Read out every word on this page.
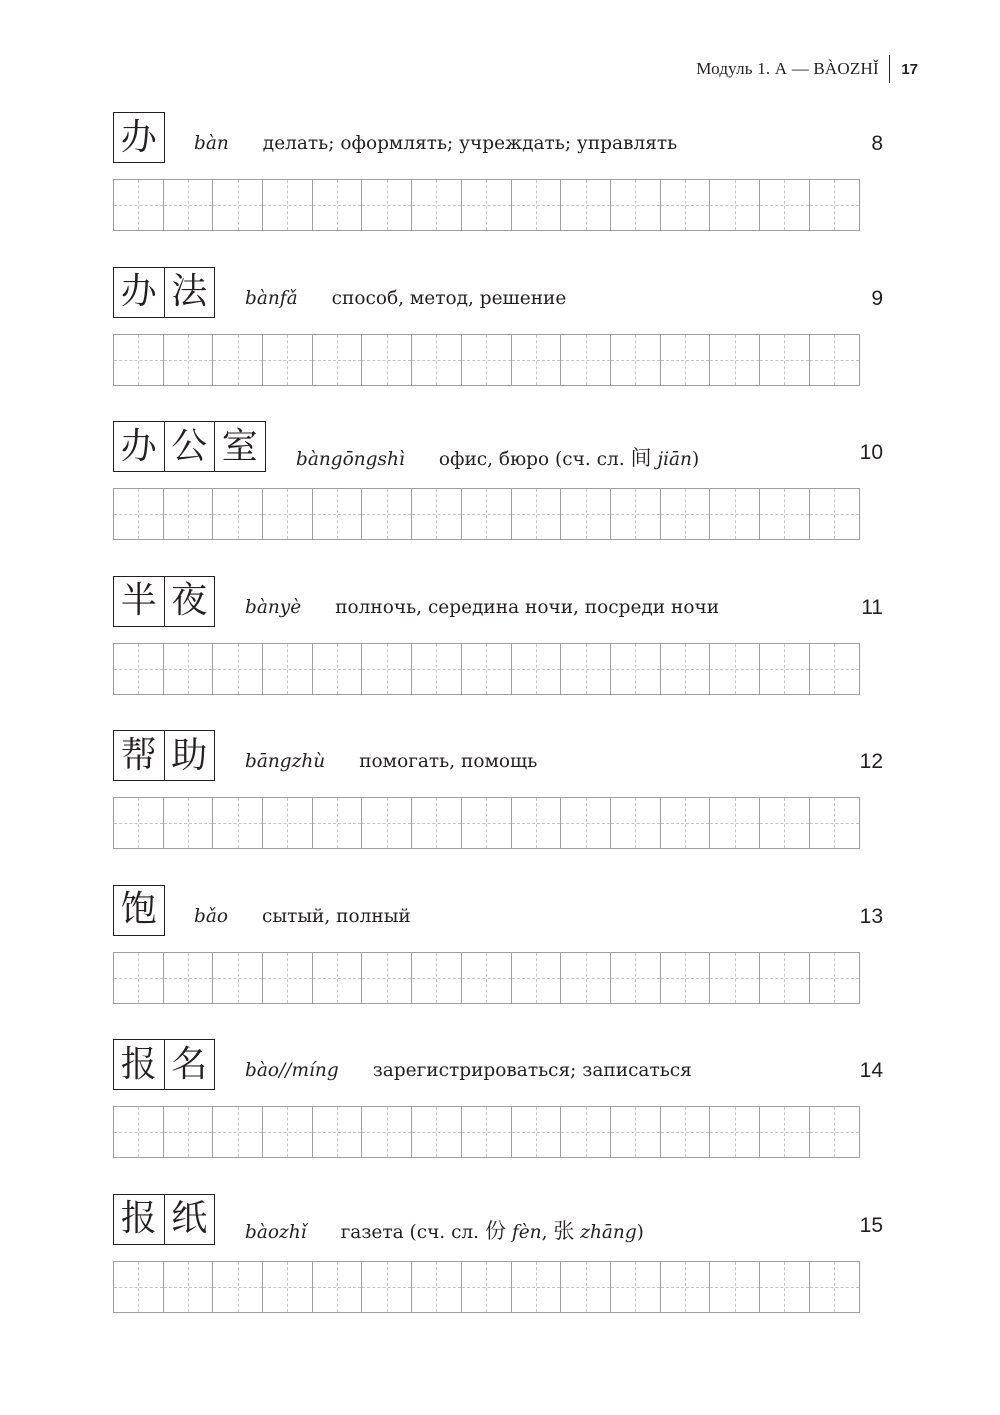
Модуль 1. А — BÀOZHǏ	17
办	bàn делать; оформлять; учреждать; управлять	8
办 法	bànfǎ способ, метод, решение	9
办 公 室	bàngōngshì офис, бюро (сч. сл. 间 jiān)	10
半 夜	bànyè полночь, середина ночи, посреди ночи	11
帮 助	bāngzhù помогать, помощь	12
饱	bǎo сытый, полный	13
报 名	bào//míng зарегистрироваться; записаться	14
报 纸	bàozhǐ газета (сч. сл. 份 fèn, 张 zhāng)	15
